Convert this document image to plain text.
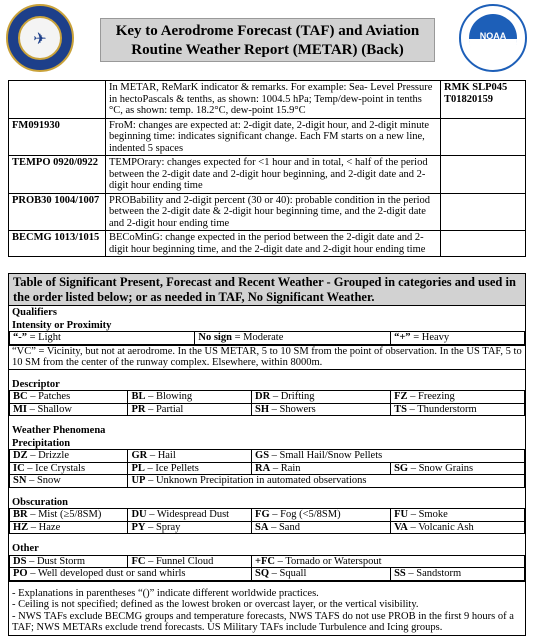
✈	Key to Aerodrome Forecast (TAF) and Aviation
Routine Weather Report (METAR) (Back)
NOAA
	In METAR, ReMarK indicator & remarks. For example: Sea- Level Pressure in hectoPascals & tenths, as shown: 1004.5 hPa; Temp/dew-point in tenths °C, as shown: temp. 18.2°C, dew-point 15.9°C	RMK SLP045 T01820159
FM091930	FroM: changes are expected at: 2-digit date, 2-digit hour, and 2-digit minute beginning time: indicates significant change. Each FM starts on a new line, indented 5 spaces	
TEMPO 0920/0922	TEMPOrary: changes expected for <1 hour and in total, < half of the period between the 2-digit date and 2-digit hour beginning, and 2-digit date and 2-digit hour ending time	
PROB30 1004/1007	PROBability and 2-digit percent (30 or 40): probable condition in the period between the 2-digit date & 2-digit hour beginning time, and the 2-digit date and 2-digit hour ending time	
BECMG 1013/1015	BECoMinG: change expected in the period between the 2-digit date and 2-digit hour beginning time, and the 2-digit date and 2-digit hour ending time	
Table of Significant Present, Forecast and Recent Weather - Grouped in categories and used in the order listed below; or as needed in TAF, No Significant Weather.
Qualifiers
Intensity or Proximity
“-” = Light	No sign = Moderate	“+” = Heavy
“VC” = Vicinity, but not at aerodrome. In the US METAR, 5 to 10 SM from the point of observation. In the US TAF, 5 to 10 SM from the center of the runway complex. Elsewhere, within 8000m.
Descriptor
BC – Patches	BL – Blowing	DR – Drifting	FZ – Freezing
MI – Shallow	PR – Partial	SH – Showers	TS – Thunderstorm
Weather Phenomena
Precipitation
DZ – Drizzle	GR – Hail	GS – Small Hail/Snow Pellets	
IC – Ice Crystals	PL – Ice Pellets	RA – Rain	SG – Snow Grains
SN – Snow	UP – Unknown Precipitation in automated observations		
Obscuration
BR – Mist (≥5/8SM)	DU – Widespread Dust	FG – Fog (<5/8SM)	FU – Smoke
HZ – Haze	PY – Spray	SA – Sand	VA – Volcanic Ash
Other
DS – Dust Storm	FC – Funnel Cloud	+FC – Tornado or Waterspout	
PO – Well developed dust or sand whirls		SQ – Squall	SS – Sandstorm
- Explanations in parentheses “()” indicate different worldwide practices.
- Ceiling is not specified; defined as the lowest broken or overcast layer, or the vertical visibility.
- NWS TAFs exclude BECMG groups and temperature forecasts, NWS TAFS do not use PROB in the first 9 hours of a TAF; NWS METARs exclude trend forecasts. US Military TAFs include Turbulence and Icing groups.
